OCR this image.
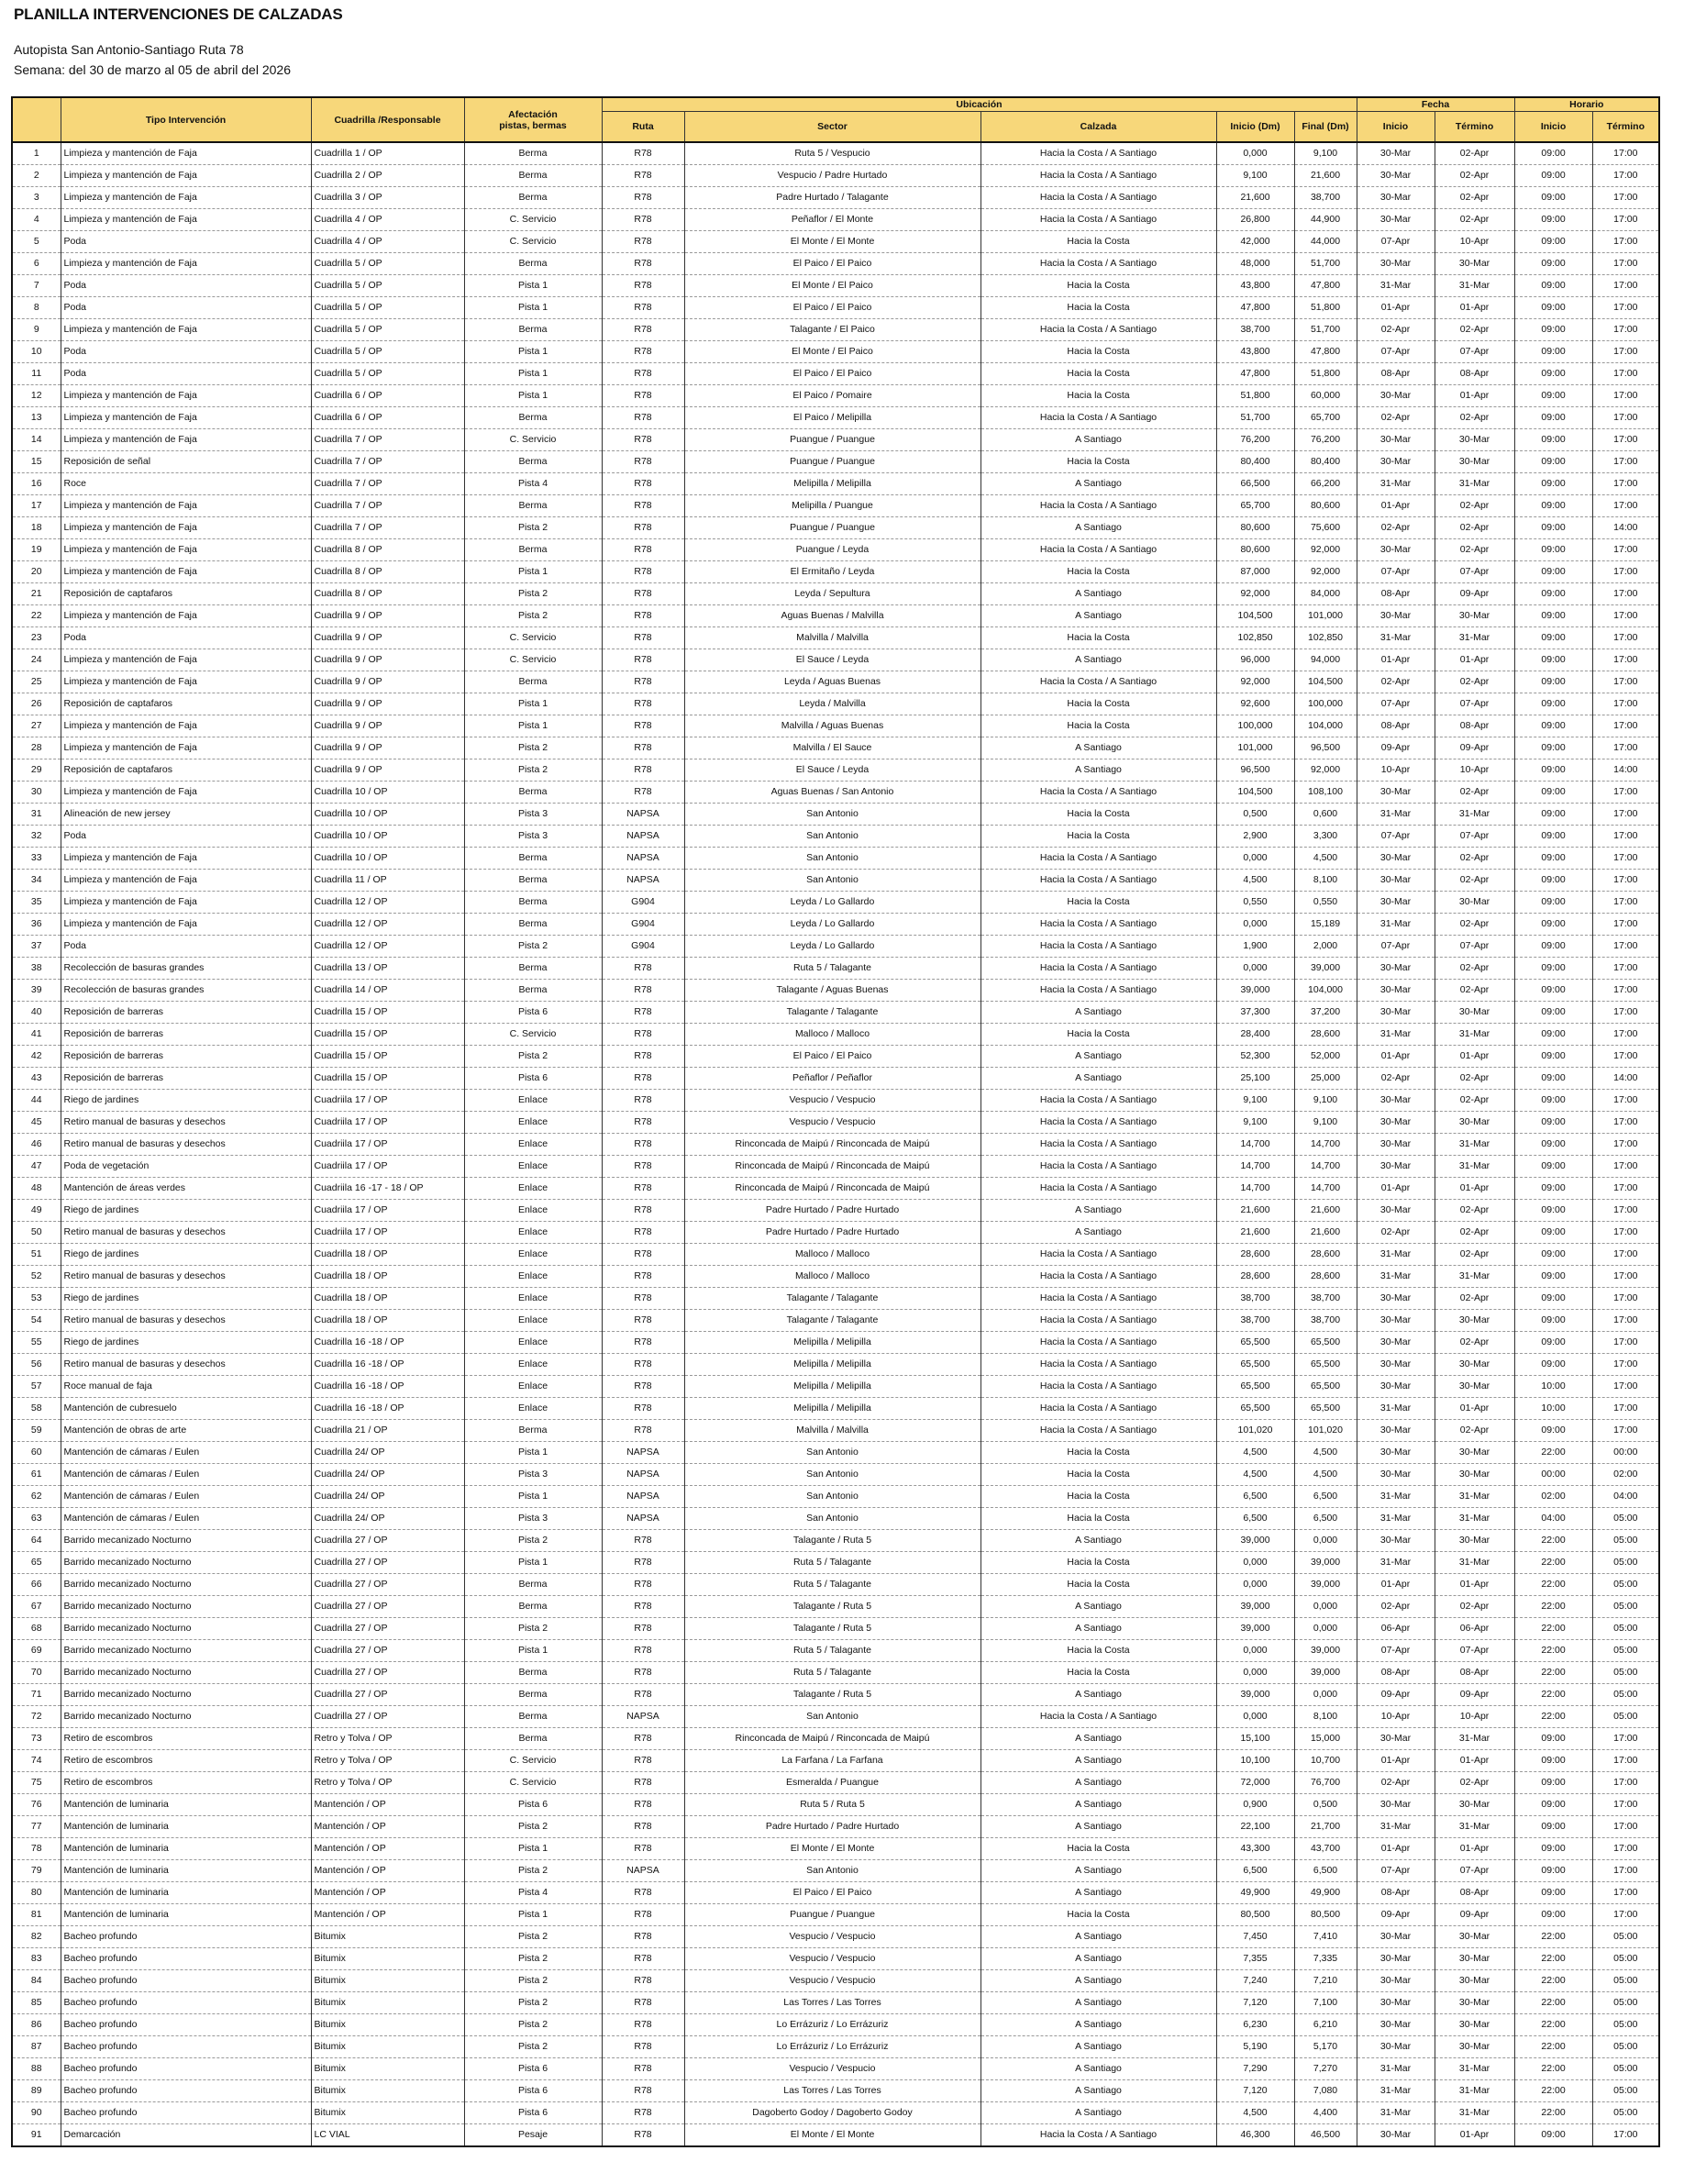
PLANILLA INTERVENCIONES DE CALZADAS
Autopista San Antonio-Santiago Ruta 78
Semana: del 30 de marzo al 05 de abril del 2026
	Tipo Intervención	Cuadrilla /Responsable	Afectación
pistas, bermas	Ubicación					Fecha		Horario	
				Ruta	Sector	Calzada	Inicio (Dm)	Final (Dm)	Inicio	Término	Inicio	Término
1	Limpieza y mantención de Faja	Cuadrilla 1 / OP	Berma	R78	Ruta 5 / Vespucio	Hacia la Costa / A Santiago	0,000	9,100	30-Mar	02-Apr	09:00	17:00
2	Limpieza y mantención de Faja	Cuadrilla 2 / OP	Berma	R78	Vespucio / Padre Hurtado	Hacia la Costa / A Santiago	9,100	21,600	30-Mar	02-Apr	09:00	17:00
3	Limpieza y mantención de Faja	Cuadrilla 3 / OP	Berma	R78	Padre Hurtado / Talagante	Hacia la Costa / A Santiago	21,600	38,700	30-Mar	02-Apr	09:00	17:00
4	Limpieza y mantención de Faja	Cuadrilla 4 / OP	C. Servicio	R78	Peñaflor / El Monte	Hacia la Costa / A Santiago	26,800	44,900	30-Mar	02-Apr	09:00	17:00
5	Poda	Cuadrilla 4 / OP	C. Servicio	R78	El Monte / El Monte	Hacia la Costa	42,000	44,000	07-Apr	10-Apr	09:00	17:00
6	Limpieza y mantención de Faja	Cuadrilla 5 / OP	Berma	R78	El Paico / El Paico	Hacia la Costa / A Santiago	48,000	51,700	30-Mar	30-Mar	09:00	17:00
7	Poda	Cuadrilla 5 / OP	Pista 1	R78	El Monte / El Paico	Hacia la Costa	43,800	47,800	31-Mar	31-Mar	09:00	17:00
8	Poda	Cuadrilla 5 / OP	Pista 1	R78	El Paico / El Paico	Hacia la Costa	47,800	51,800	01-Apr	01-Apr	09:00	17:00
9	Limpieza y mantención de Faja	Cuadrilla 5 / OP	Berma	R78	Talagante / El Paico	Hacia la Costa / A Santiago	38,700	51,700	02-Apr	02-Apr	09:00	17:00
10	Poda	Cuadrilla 5 / OP	Pista 1	R78	El Monte / El Paico	Hacia la Costa	43,800	47,800	07-Apr	07-Apr	09:00	17:00
11	Poda	Cuadrilla 5 / OP	Pista 1	R78	El Paico / El Paico	Hacia la Costa	47,800	51,800	08-Apr	08-Apr	09:00	17:00
12	Limpieza y mantención de Faja	Cuadrilla 6 / OP	Pista 1	R78	El Paico / Pomaire	Hacia la Costa	51,800	60,000	30-Mar	01-Apr	09:00	17:00
13	Limpieza y mantención de Faja	Cuadrilla 6 / OP	Berma	R78	El Paico / Melipilla	Hacia la Costa / A Santiago	51,700	65,700	02-Apr	02-Apr	09:00	17:00
14	Limpieza y mantención de Faja	Cuadrilla 7 / OP	C. Servicio	R78	Puangue / Puangue	A Santiago	76,200	76,200	30-Mar	30-Mar	09:00	17:00
15	Reposición de señal	Cuadrilla 7 / OP	Berma	R78	Puangue / Puangue	Hacia la Costa	80,400	80,400	30-Mar	30-Mar	09:00	17:00
16	Roce	Cuadrilla 7 / OP	Pista 4	R78	Melipilla / Melipilla	A Santiago	66,500	66,200	31-Mar	31-Mar	09:00	17:00
17	Limpieza y mantención de Faja	Cuadrilla 7 / OP	Berma	R78	Melipilla / Puangue	Hacia la Costa / A Santiago	65,700	80,600	01-Apr	02-Apr	09:00	17:00
18	Limpieza y mantención de Faja	Cuadrilla 7 / OP	Pista 2	R78	Puangue / Puangue	A Santiago	80,600	75,600	02-Apr	02-Apr	09:00	14:00
19	Limpieza y mantención de Faja	Cuadrilla 8 / OP	Berma	R78	Puangue / Leyda	Hacia la Costa / A Santiago	80,600	92,000	30-Mar	02-Apr	09:00	17:00
20	Limpieza y mantención de Faja	Cuadrilla 8 / OP	Pista 1	R78	El Ermitaño / Leyda	Hacia la Costa	87,000	92,000	07-Apr	07-Apr	09:00	17:00
21	Reposición de captafaros	Cuadrilla 8 / OP	Pista 2	R78	Leyda / Sepultura	A Santiago	92,000	84,000	08-Apr	09-Apr	09:00	17:00
22	Limpieza y mantención de Faja	Cuadrilla 9 / OP	Pista 2	R78	Aguas Buenas / Malvilla	A Santiago	104,500	101,000	30-Mar	30-Mar	09:00	17:00
23	Poda	Cuadrilla 9 / OP	C. Servicio	R78	Malvilla / Malvilla	Hacia la Costa	102,850	102,850	31-Mar	31-Mar	09:00	17:00
24	Limpieza y mantención de Faja	Cuadrilla 9 / OP	C. Servicio	R78	El Sauce / Leyda	A Santiago	96,000	94,000	01-Apr	01-Apr	09:00	17:00
25	Limpieza y mantención de Faja	Cuadrilla 9 / OP	Berma	R78	Leyda / Aguas Buenas	Hacia la Costa / A Santiago	92,000	104,500	02-Apr	02-Apr	09:00	17:00
26	Reposición de captafaros	Cuadrilla 9 / OP	Pista 1	R78	Leyda / Malvilla	Hacia la Costa	92,600	100,000	07-Apr	07-Apr	09:00	17:00
27	Limpieza y mantención de Faja	Cuadrilla 9 / OP	Pista 1	R78	Malvilla / Aguas Buenas	Hacia la Costa	100,000	104,000	08-Apr	08-Apr	09:00	17:00
28	Limpieza y mantención de Faja	Cuadrilla 9 / OP	Pista 2	R78	Malvilla / El Sauce	A Santiago	101,000	96,500	09-Apr	09-Apr	09:00	17:00
29	Reposición de captafaros	Cuadrilla 9 / OP	Pista 2	R78	El Sauce / Leyda	A Santiago	96,500	92,000	10-Apr	10-Apr	09:00	14:00
30	Limpieza y mantención de Faja	Cuadrilla 10 / OP	Berma	R78	Aguas Buenas / San Antonio	Hacia la Costa / A Santiago	104,500	108,100	30-Mar	02-Apr	09:00	17:00
31	Alineación de new jersey	Cuadrilla 10 / OP	Pista 3	NAPSA	San Antonio	Hacia la Costa	0,500	0,600	31-Mar	31-Mar	09:00	17:00
32	Poda	Cuadrilla 10 / OP	Pista 3	NAPSA	San Antonio	Hacia la Costa	2,900	3,300	07-Apr	07-Apr	09:00	17:00
33	Limpieza y mantención de Faja	Cuadrilla 10 / OP	Berma	NAPSA	San Antonio	Hacia la Costa / A Santiago	0,000	4,500	30-Mar	02-Apr	09:00	17:00
34	Limpieza y mantención de Faja	Cuadrilla 11 / OP	Berma	NAPSA	San Antonio	Hacia la Costa / A Santiago	4,500	8,100	30-Mar	02-Apr	09:00	17:00
35	Limpieza y mantención de Faja	Cuadrilla 12 / OP	Berma	G904	Leyda / Lo Gallardo	Hacia la Costa	0,550	0,550	30-Mar	30-Mar	09:00	17:00
36	Limpieza y mantención de Faja	Cuadrilla 12 / OP	Berma	G904	Leyda / Lo Gallardo	Hacia la Costa / A Santiago	0,000	15,189	31-Mar	02-Apr	09:00	17:00
37	Poda	Cuadrilla 12 / OP	Pista 2	G904	Leyda / Lo Gallardo	Hacia la Costa / A Santiago	1,900	2,000	07-Apr	07-Apr	09:00	17:00
38	Recolección de basuras grandes	Cuadrilla 13 / OP	Berma	R78	Ruta 5 / Talagante	Hacia la Costa / A Santiago	0,000	39,000	30-Mar	02-Apr	09:00	17:00
39	Recolección de basuras grandes	Cuadrilla 14 / OP	Berma	R78	Talagante / Aguas Buenas	Hacia la Costa / A Santiago	39,000	104,000	30-Mar	02-Apr	09:00	17:00
40	Reposición de barreras	Cuadrilla 15 / OP	Pista 6	R78	Talagante / Talagante	A Santiago	37,300	37,200	30-Mar	30-Mar	09:00	17:00
41	Reposición de barreras	Cuadrilla 15 / OP	C. Servicio	R78	Malloco / Malloco	Hacia la Costa	28,400	28,600	31-Mar	31-Mar	09:00	17:00
42	Reposición de barreras	Cuadrilla 15 / OP	Pista 2	R78	El Paico / El Paico	A Santiago	52,300	52,000	01-Apr	01-Apr	09:00	17:00
43	Reposición de barreras	Cuadrilla 15 / OP	Pista 6	R78	Peñaflor / Peñaflor	A Santiago	25,100	25,000	02-Apr	02-Apr	09:00	14:00
44	Riego de jardines	Cuadriila 17 / OP	Enlace	R78	Vespucio / Vespucio	Hacia la Costa / A Santiago	9,100	9,100	30-Mar	02-Apr	09:00	17:00
45	Retiro manual de basuras y desechos	Cuadriila 17 / OP	Enlace	R78	Vespucio / Vespucio	Hacia la Costa / A Santiago	9,100	9,100	30-Mar	30-Mar	09:00	17:00
46	Retiro manual de basuras y desechos	Cuadriila 17 / OP	Enlace	R78	Rinconcada de Maipú / Rinconcada de Maipú	Hacia la Costa / A Santiago	14,700	14,700	30-Mar	31-Mar	09:00	17:00
47	Poda de vegetación	Cuadriila 17 / OP	Enlace	R78	Rinconcada de Maipú / Rinconcada de Maipú	Hacia la Costa / A Santiago	14,700	14,700	30-Mar	31-Mar	09:00	17:00
48	Mantención de áreas verdes	Cuadriila 16 -17 - 18 / OP	Enlace	R78	Rinconcada de Maipú / Rinconcada de Maipú	Hacia la Costa / A Santiago	14,700	14,700	01-Apr	01-Apr	09:00	17:00
49	Riego de jardines	Cuadriila 17 / OP	Enlace	R78	Padre Hurtado / Padre Hurtado	A Santiago	21,600	21,600	30-Mar	02-Apr	09:00	17:00
50	Retiro manual de basuras y desechos	Cuadriila 17 / OP	Enlace	R78	Padre Hurtado / Padre Hurtado	A Santiago	21,600	21,600	02-Apr	02-Apr	09:00	17:00
51	Riego de jardines	Cuadrilla 18 / OP	Enlace	R78	Malloco / Malloco	Hacia la Costa / A Santiago	28,600	28,600	31-Mar	02-Apr	09:00	17:00
52	Retiro manual de basuras y desechos	Cuadrilla 18 / OP	Enlace	R78	Malloco / Malloco	Hacia la Costa / A Santiago	28,600	28,600	31-Mar	31-Mar	09:00	17:00
53	Riego de jardines	Cuadrilla 18 / OP	Enlace	R78	Talagante / Talagante	Hacia la Costa / A Santiago	38,700	38,700	30-Mar	02-Apr	09:00	17:00
54	Retiro manual de basuras y desechos	Cuadrilla 18 / OP	Enlace	R78	Talagante / Talagante	Hacia la Costa / A Santiago	38,700	38,700	30-Mar	30-Mar	09:00	17:00
55	Riego de jardines	Cuadrilla 16 -18 / OP	Enlace	R78	Melipilla / Melipilla	Hacia la Costa / A Santiago	65,500	65,500	30-Mar	02-Apr	09:00	17:00
56	Retiro manual de basuras y desechos	Cuadrilla 16 -18 / OP	Enlace	R78	Melipilla / Melipilla	Hacia la Costa / A Santiago	65,500	65,500	30-Mar	30-Mar	09:00	17:00
57	Roce manual de faja	Cuadrilla 16 -18 / OP	Enlace	R78	Melipilla / Melipilla	Hacia la Costa / A Santiago	65,500	65,500	30-Mar	30-Mar	10:00	17:00
58	Mantención de cubresuelo	Cuadrilla 16 -18 / OP	Enlace	R78	Melipilla / Melipilla	Hacia la Costa / A Santiago	65,500	65,500	31-Mar	01-Apr	10:00	17:00
59	Mantención de obras de arte	Cuadrilla 21 / OP	Berma	R78	Malvilla / Malvilla	Hacia la Costa / A Santiago	101,020	101,020	30-Mar	02-Apr	09:00	17:00
60	Mantención de cámaras / Eulen	Cuadrilla 24/ OP	Pista 1	NAPSA	San Antonio	Hacia la Costa	4,500	4,500	30-Mar	30-Mar	22:00	00:00
61	Mantención de cámaras / Eulen	Cuadrilla 24/ OP	Pista 3	NAPSA	San Antonio	Hacia la Costa	4,500	4,500	30-Mar	30-Mar	00:00	02:00
62	Mantención de cámaras / Eulen	Cuadrilla 24/ OP	Pista 1	NAPSA	San Antonio	Hacia la Costa	6,500	6,500	31-Mar	31-Mar	02:00	04:00
63	Mantención de cámaras / Eulen	Cuadrilla 24/ OP	Pista 3	NAPSA	San Antonio	Hacia la Costa	6,500	6,500	31-Mar	31-Mar	04:00	05:00
64	Barrido mecanizado Nocturno	Cuadrilla 27 / OP	Pista 2	R78	Talagante / Ruta 5	A Santiago	39,000	0,000	30-Mar	30-Mar	22:00	05:00
65	Barrido mecanizado Nocturno	Cuadrilla 27 / OP	Pista 1	R78	Ruta 5 / Talagante	Hacia la Costa	0,000	39,000	31-Mar	31-Mar	22:00	05:00
66	Barrido mecanizado Nocturno	Cuadrilla 27 / OP	Berma	R78	Ruta 5 / Talagante	Hacia la Costa	0,000	39,000	01-Apr	01-Apr	22:00	05:00
67	Barrido mecanizado Nocturno	Cuadrilla 27 / OP	Berma	R78	Talagante / Ruta 5	A Santiago	39,000	0,000	02-Apr	02-Apr	22:00	05:00
68	Barrido mecanizado Nocturno	Cuadrilla 27 / OP	Pista 2	R78	Talagante / Ruta 5	A Santiago	39,000	0,000	06-Apr	06-Apr	22:00	05:00
69	Barrido mecanizado Nocturno	Cuadrilla 27 / OP	Pista 1	R78	Ruta 5 / Talagante	Hacia la Costa	0,000	39,000	07-Apr	07-Apr	22:00	05:00
70	Barrido mecanizado Nocturno	Cuadrilla 27 / OP	Berma	R78	Ruta 5 / Talagante	Hacia la Costa	0,000	39,000	08-Apr	08-Apr	22:00	05:00
71	Barrido mecanizado Nocturno	Cuadrilla 27 / OP	Berma	R78	Talagante / Ruta 5	A Santiago	39,000	0,000	09-Apr	09-Apr	22:00	05:00
72	Barrido mecanizado Nocturno	Cuadrilla 27 / OP	Berma	NAPSA	San Antonio	Hacia la Costa / A Santiago	0,000	8,100	10-Apr	10-Apr	22:00	05:00
73	Retiro de escombros	Retro y Tolva / OP	Berma	R78	Rinconcada de Maipú / Rinconcada de Maipú	A Santiago	15,100	15,000	30-Mar	31-Mar	09:00	17:00
74	Retiro de escombros	Retro y Tolva / OP	C. Servicio	R78	La Farfana / La Farfana	A Santiago	10,100	10,700	01-Apr	01-Apr	09:00	17:00
75	Retiro de escombros	Retro y Tolva / OP	C. Servicio	R78	Esmeralda / Puangue	A Santiago	72,000	76,700	02-Apr	02-Apr	09:00	17:00
76	Mantención de luminaria	Mantención / OP	Pista 6	R78	Ruta 5 / Ruta 5	A Santiago	0,900	0,500	30-Mar	30-Mar	09:00	17:00
77	Mantención de luminaria	Mantención / OP	Pista 2	R78	Padre Hurtado / Padre Hurtado	A Santiago	22,100	21,700	31-Mar	31-Mar	09:00	17:00
78	Mantención de luminaria	Mantención / OP	Pista 1	R78	El Monte / El Monte	Hacia la Costa	43,300	43,700	01-Apr	01-Apr	09:00	17:00
79	Mantención de luminaria	Mantención / OP	Pista 2	NAPSA	San Antonio	A Santiago	6,500	6,500	07-Apr	07-Apr	09:00	17:00
80	Mantención de luminaria	Mantención / OP	Pista 4	R78	El Paico / El Paico	A Santiago	49,900	49,900	08-Apr	08-Apr	09:00	17:00
81	Mantención de luminaria	Mantención / OP	Pista 1	R78	Puangue / Puangue	Hacia la Costa	80,500	80,500	09-Apr	09-Apr	09:00	17:00
82	Bacheo profundo	Bitumix	Pista 2	R78	Vespucio / Vespucio	A Santiago	7,450	7,410	30-Mar	30-Mar	22:00	05:00
83	Bacheo profundo	Bitumix	Pista 2	R78	Vespucio / Vespucio	A Santiago	7,355	7,335	30-Mar	30-Mar	22:00	05:00
84	Bacheo profundo	Bitumix	Pista 2	R78	Vespucio / Vespucio	A Santiago	7,240	7,210	30-Mar	30-Mar	22:00	05:00
85	Bacheo profundo	Bitumix	Pista 2	R78	Las Torres / Las Torres	A Santiago	7,120	7,100	30-Mar	30-Mar	22:00	05:00
86	Bacheo profundo	Bitumix	Pista 2	R78	Lo Errázuriz / Lo Errázuriz	A Santiago	6,230	6,210	30-Mar	30-Mar	22:00	05:00
87	Bacheo profundo	Bitumix	Pista 2	R78	Lo Errázuriz / Lo Errázuriz	A Santiago	5,190	5,170	30-Mar	30-Mar	22:00	05:00
88	Bacheo profundo	Bitumix	Pista 6	R78	Vespucio / Vespucio	A Santiago	7,290	7,270	31-Mar	31-Mar	22:00	05:00
89	Bacheo profundo	Bitumix	Pista 6	R78	Las Torres / Las Torres	A Santiago	7,120	7,080	31-Mar	31-Mar	22:00	05:00
90	Bacheo profundo	Bitumix	Pista 6	R78	Dagoberto Godoy / Dagoberto Godoy	A Santiago	4,500	4,400	31-Mar	31-Mar	22:00	05:00
91	Demarcación	LC VIAL	Pesaje	R78	El Monte / El Monte	Hacia la Costa / A Santiago	46,300	46,500	30-Mar	01-Apr	09:00	17:00
